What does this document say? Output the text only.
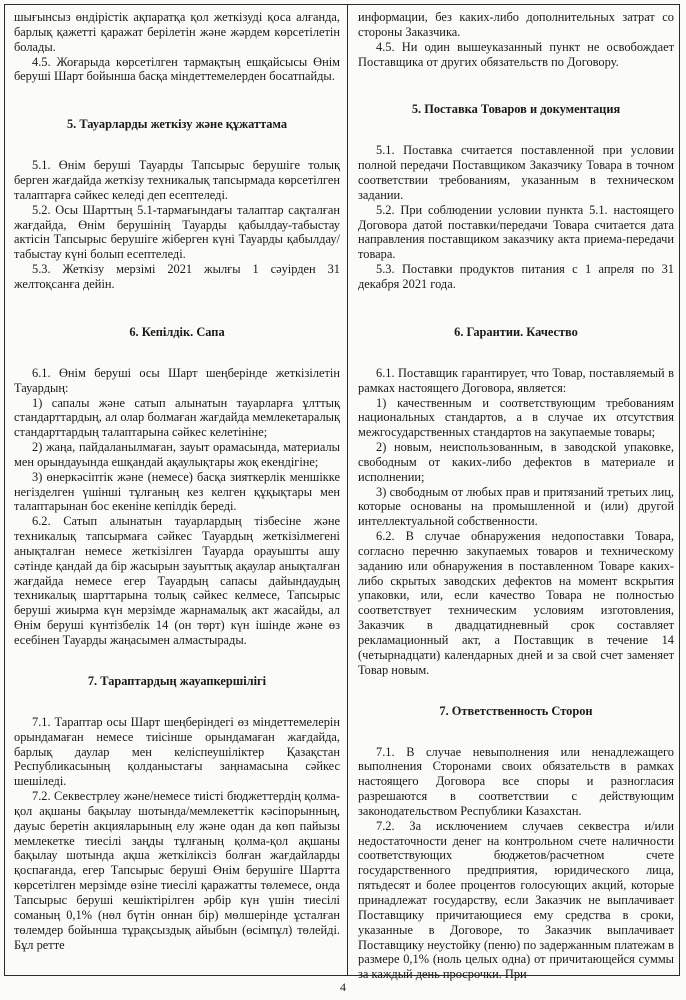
шығынсыз өндірістік ақпаратқа қол жеткізуді қоса алғанда, барлық қажетті қаражат берілетін және жәрдем көрсетілетін болады.

4.5. Жоғарыда көрсетілген тармақтың ешқайсысы Өнім беруші Шарт бойынша басқа міндеттемелерден босатпайды.

5. Тауарларды жеткізу және құжаттама

5.1. Өнім беруші Тауарды Тапсырыс берушіге толық берген жағдайда жеткізу техникалық тапсырмада көрсетілген талаптарға сәйкес келеді деп есептеледі.

5.2. Осы Шарттың 5.1-тармағындағы талаптар сақталған жағдайда, Өнім берушінің Тауарды қабылдау-табыстау актісін Тапсырыс берушіге жіберген күні Тауарды қабылдау/табыстау күні болып есептеледі.

5.3. Жеткізу мерзімі 2021 жылғы 1 сәуірден 31 желтоқсанға дейін.

6. Кепілдік. Сапа

6.1. Өнім беруші осы Шарт шеңберінде жеткізілетін Тауардың:

1) сапалы және сатып алынатын тауарларға ұлттық стандарттардың, ал олар болмаған жағдайда мемлекетаралық стандарттардың талаптарына сәйкес келетініне;

2) жаңа, пайдаланылмаған, зауыт орамасында, материалы мен орындауында ешқандай ақаулықтары жоқ екендігіне;

3) өнеркәсіптік және (немесе) басқа зияткерлік меншікке негізделген үшінші тұлғаның кез келген құқықтары мен талаптарынан бос екеніне кепілдік береді.

6.2. Сатып алынатын тауарлардың тізбесіне және техникалық тапсырмаға сәйкес Тауардың жеткізілмегені анықталған немесе жеткізілген Тауарда орауышты ашу сәтінде қандай да бір жасырын зауыттық ақаулар анықталған жағдайда немесе егер Тауардың сапасы дайындаудың техникалық шарттарына толық сәйкес келмесе, Тапсырыс беруші жиырма күн мерзімде жарнамалық акт жасайды, ал Өнім беруші күнтізбелік 14 (он төрт) күн ішінде және өз есебінен Тауарды жаңасымен алмастырады.

7. Тараптардың жауапкершілігі

7.1. Тараптар осы Шарт шеңберіндегі өз міндеттемелерін орындамаған немесе тиісінше орындамаған жағдайда, барлық даулар мен келіспеушіліктер Қазақстан Республикасының қолданыстағы заңнамасына сәйкес шешіледі.

7.2. Секвестрлеу және/немесе тиісті бюджеттердің қолма-қол ақшаны бақылау шотында/мемлекеттік кәсіпорынның, дауыс беретін акцияларының елу және одан да көп пайызы мемлекетке тиесілі заңды тұлғаның қолма-қол ақшаны бақылау шотында ақша жеткіліксіз болған жағдайларды қоспағанда, егер Тапсырыс беруші Өнім берушіге Шартта көрсетілген мерзімде өзіне тиесілі қаражатты төлемесе, онда Тапсырыс беруші кешіктірілген әрбір күн үшін тиесілі соманың 0,1% (нөл бүтін оннан бір) мөлшерінде ұсталған төлемдер бойынша тұрақсыздық айыбын (өсімпұл) төлейді. Бұл ретте

информации, без каких-либо дополнительных затрат со стороны Заказчика.

4.5. Ни один вышеуказанный пункт не освобождает Поставщика от других обязательств по Договору.

5. Поставка Товаров и документация

5.1. Поставка считается поставленной при условии полной передачи Поставщиком Заказчику Товара в точном соответствии требованиям, указанным в техническом задании.

5.2. При соблюдении условии пункта 5.1. настоящего Договора датой поставки/передачи Товара считается дата направления поставщиком заказчику акта приема-передачи товара.

5.3. Поставки продуктов питания с 1 апреля по 31 декабря 2021 года.

6. Гарантии. Качество

6.1. Поставщик гарантирует, что Товар, поставляемый в рамках настоящего Договора, является:

1) качественным и соответствующим требованиям национальных стандартов, а в случае их отсутствия межгосударственных стандартов на закупаемые товары;

2) новым, неиспользованным, в заводской упаковке, свободным от каких-либо дефектов в материале и исполнении;

3) свободным от любых прав и притязаний третьих лиц, которые основаны на промышленной и (или) другой интеллектуальной собственности.

6.2. В случае обнаружения недопоставки Товара, согласно перечню закупаемых товаров и техническому заданию или обнаружения в поставленном Товаре каких-либо скрытых заводских дефектов на момент вскрытия упаковки, или, если качество Товара не полностью соответствует техническим условиям изготовления, Заказчик в двадцатидневный срок составляет рекламационный акт, а Поставщик в течение 14 (четырнадцати) календарных дней и за свой счет заменяет Товар новым.

7. Ответственность Сторон

7.1. В случае невыполнения или ненадлежащего выполнения Сторонами своих обязательств в рамках настоящего Договора все споры и разногласия разрешаются в соответствии с действующим законодательством Республики Казахстан.

7.2. За исключением случаев секвестра и/или недостаточности денег на контрольном счете наличности соответствующих бюджетов/расчетном счете государственного предприятия, юридического лица, пятьдесят и более процентов голосующих акций, которые принадлежат государству, если Заказчик не выплачивает Поставщику причитающиеся ему средства в сроки, указанные в Договоре, то Заказчик выплачивает Поставщику неустойку (пеню) по задержанным платежам в размере 0,1% (ноль целых одна) от причитающейся суммы за каждый день просрочки. При

4
